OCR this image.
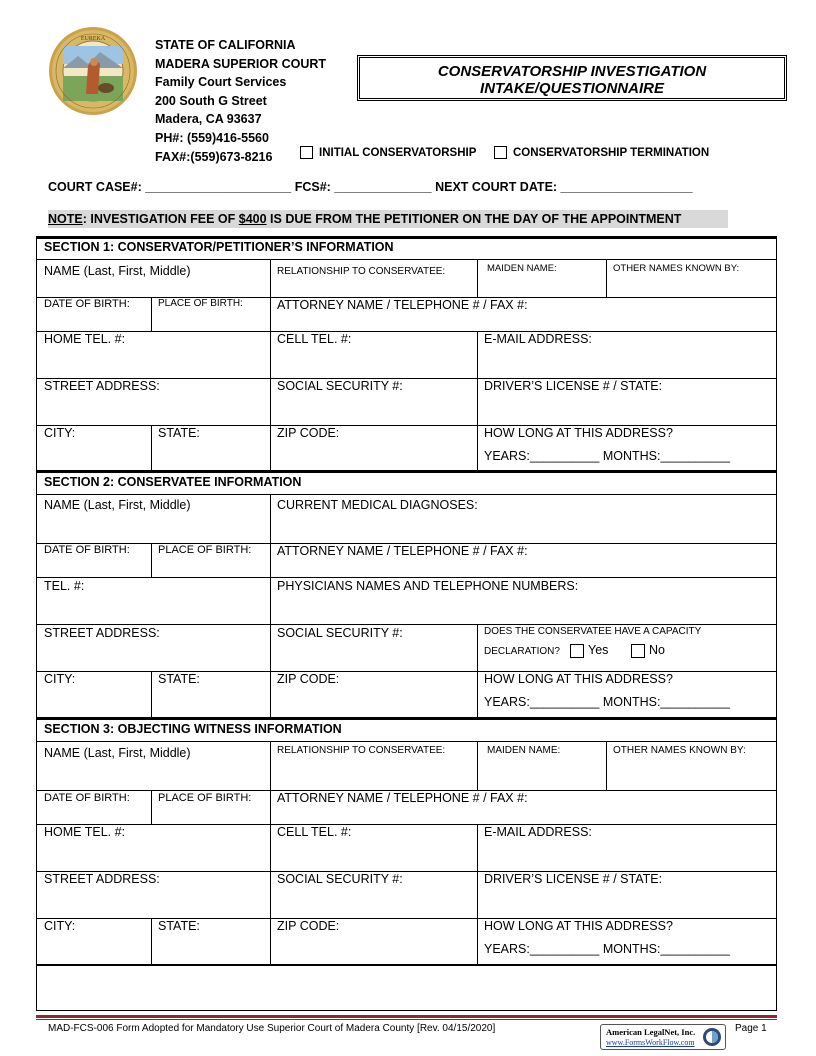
EUREKA	STATE OF CALIFORNIA
MADERA SUPERIOR COURT
Family Court Services
200 South G Street
Madera, CA 93637
PH#: (559)416-5560
FAX#:(559)673-8216
CONSERVATORSHIP INVESTIGATION
INTAKE/QUESTIONNAIRE
INITIAL CONSERVATORSHIP	CONSERVATORSHIP TERMINATION
COURT CASE#: _____________________ FCS#: ______________ NEXT COURT DATE: ___________________
NOTE: INVESTIGATION FEE OF $400 IS DUE FROM THE PETITIONER ON THE DAY OF THE APPOINTMENT
SECTION 1: CONSERVATOR/PETITIONER’S INFORMATION
NAME (Last, First, Middle)	RELATIONSHIP TO CONSERVATEE:	MAIDEN NAME:	OTHER NAMES KNOWN BY:
DATE OF BIRTH:	PLACE OF BIRTH:	ATTORNEY NAME / TELEPHONE # / FAX #:
HOME TEL. #:	CELL TEL. #:	E-MAIL ADDRESS:
STREET ADDRESS:	SOCIAL SECURITY #:	DRIVER’S LICENSE # / STATE:
CITY:	STATE:	ZIP CODE:	HOW LONG AT THIS ADDRESS?
YEARS:__________ MONTHS:__________
SECTION 2: CONSERVATEE INFORMATION
NAME (Last, First, Middle)	CURRENT MEDICAL DIAGNOSES:
DATE OF BIRTH:	PLACE OF BIRTH: ATTORNEY NAME / TELEPHONE # / FAX #:
TEL. #:	PHYSICIANS NAMES AND TELEPHONE NUMBERS:
STREET ADDRESS:	SOCIAL SECURITY #:	DOES THE CONSERVATEE HAVE A CAPACITY
DECLARATION? Yes	No
CITY:	STATE:	ZIP CODE:	HOW LONG AT THIS ADDRESS?
YEARS:__________ MONTHS:__________
SECTION 3: OBJECTING WITNESS INFORMATION
NAME (Last, First, Middle)	RELATIONSHIP TO CONSERVATEE:	MAIDEN NAME:	OTHER NAMES KNOWN BY:
DATE OF BIRTH:	PLACE OF BIRTH: ATTORNEY NAME / TELEPHONE # / FAX #:
HOME TEL. #:	CELL TEL. #:	E-MAIL ADDRESS:
STREET ADDRESS:	SOCIAL SECURITY #:	DRIVER’S LICENSE # / STATE:
CITY:	STATE:	ZIP CODE:	HOW LONG AT THIS ADDRESS?
YEARS:__________ MONTHS:__________
MAD-FCS-006 Form Adopted for Mandatory Use Superior Court of Madera County [Rev. 04/15/2020]	American LegalNet, Inc.
www.FormsWorkFlow.com
Page 1
